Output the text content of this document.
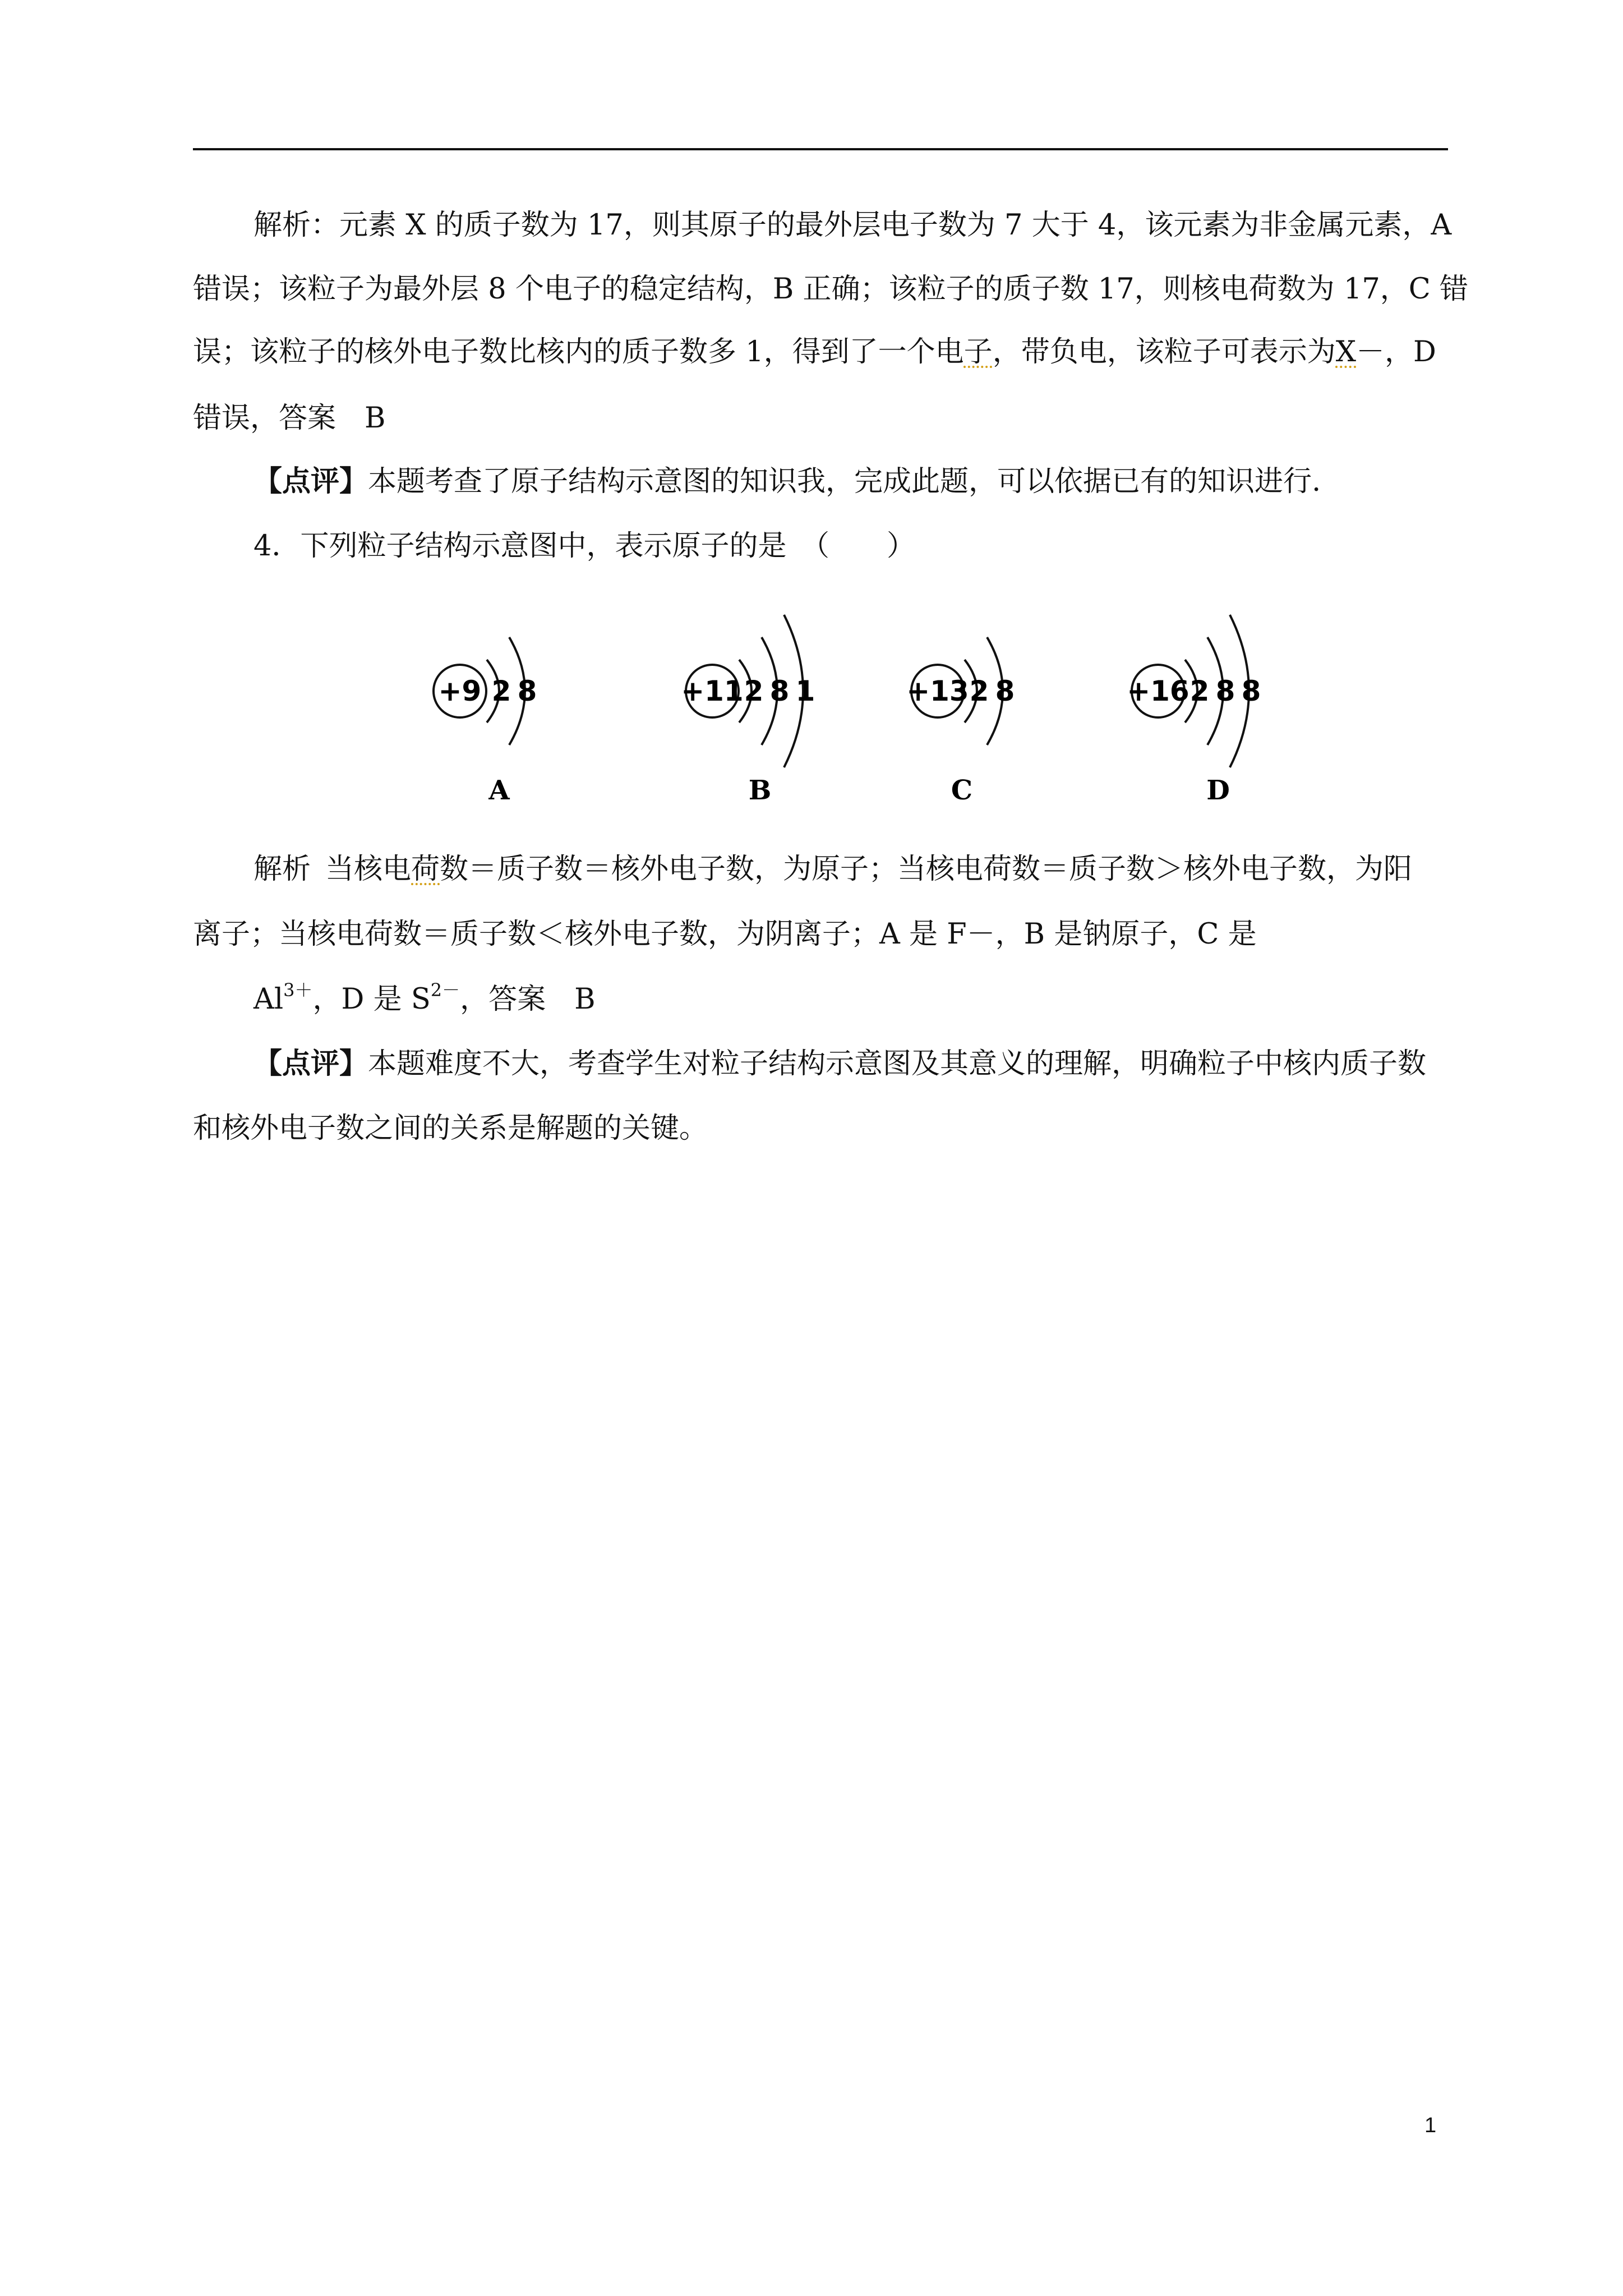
解析：元素 X 的质子数为 17，则其原子的最外层电子数为 7 大于 4，该元素为非金属元素，A
错误；该粒子为最外层 8 个电子的稳定结构，B 正确；该粒子的质子数 17，则核电荷数为 17，C 错
误；该粒子的核外电子数比核内的质子数多 1，得到了一个电子，带负电，该粒子可表示为X－，D
错误，答案　B
【点评】本题考查了原子结构示意图的知识我，完成此题，可以依据已有的知识进行.
4．下列粒子结构示意图中，表示原子的是　（　　）
+9 2 8
A
+11 2 8 1
B
+13 2 8
C
+16 2 8 8
D
解析 当核电荷数＝质子数＝核外电子数，为原子；当核电荷数＝质子数＞核外电子数，为阳
离子；当核电荷数＝质子数＜核外电子数，为阴离子；A 是 F－，B 是钠原子，C 是
$Al^{3+}$，D 是 $S^{2-}$，答案　B
【点评】本题难度不大，考查学生对粒子结构示意图及其意义的理解，明确粒子中核内质子数
和核外电子数之间的关系是解题的关键。
1
